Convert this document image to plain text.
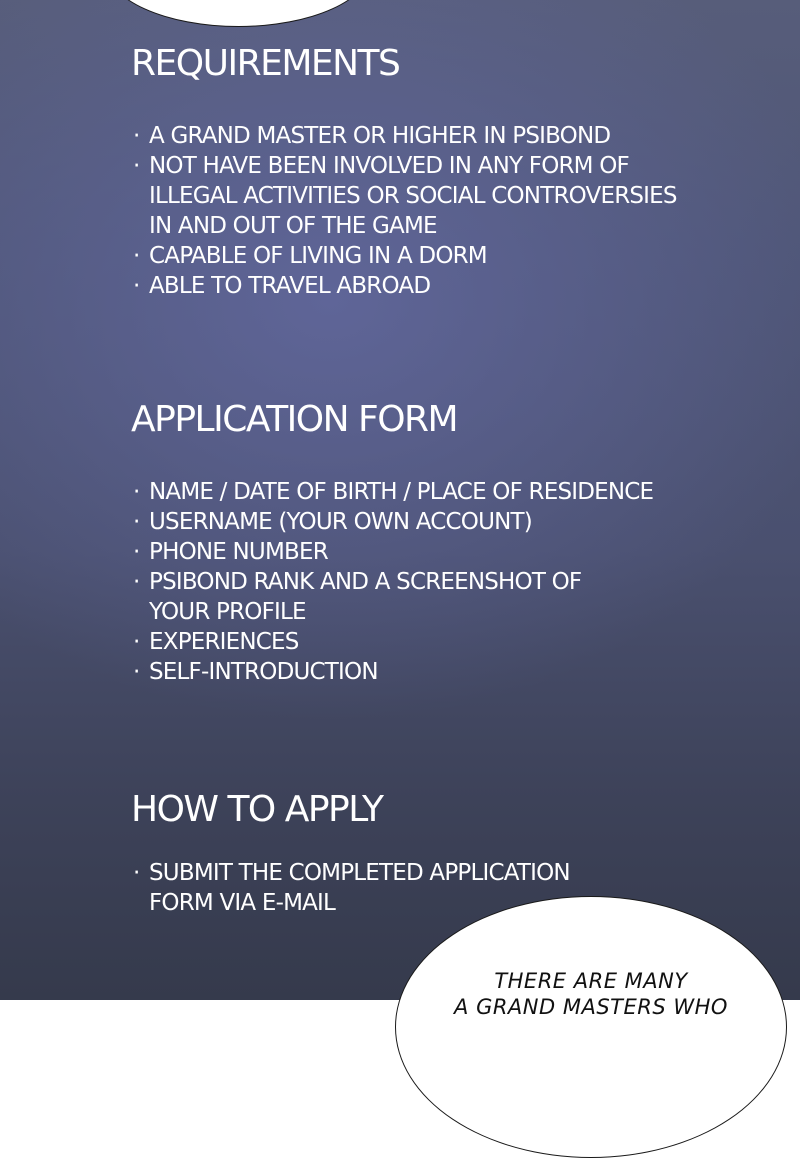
REQUIREMENTS
· A GRAND MASTER OR HIGHER IN PSIBOND
· NOT HAVE BEEN INVOLVED IN ANY FORM OF
ILLEGAL ACTIVITIES OR SOCIAL CONTROVERSIES
IN AND OUT OF THE GAME
· CAPABLE OF LIVING IN A DORM
· ABLE TO TRAVEL ABROAD
APPLICATION FORM
· NAME / DATE OF BIRTH / PLACE OF RESIDENCE
· USERNAME (YOUR OWN ACCOUNT)
· PHONE NUMBER
· PSIBOND RANK AND A SCREENSHOT OF
YOUR PROFILE
· EXPERIENCES
· SELF-INTRODUCTION
HOW TO APPLY
· SUBMIT THE COMPLETED APPLICATION
FORM VIA E-MAIL
THERE ARE MANY
A GRAND MASTERS WHO
